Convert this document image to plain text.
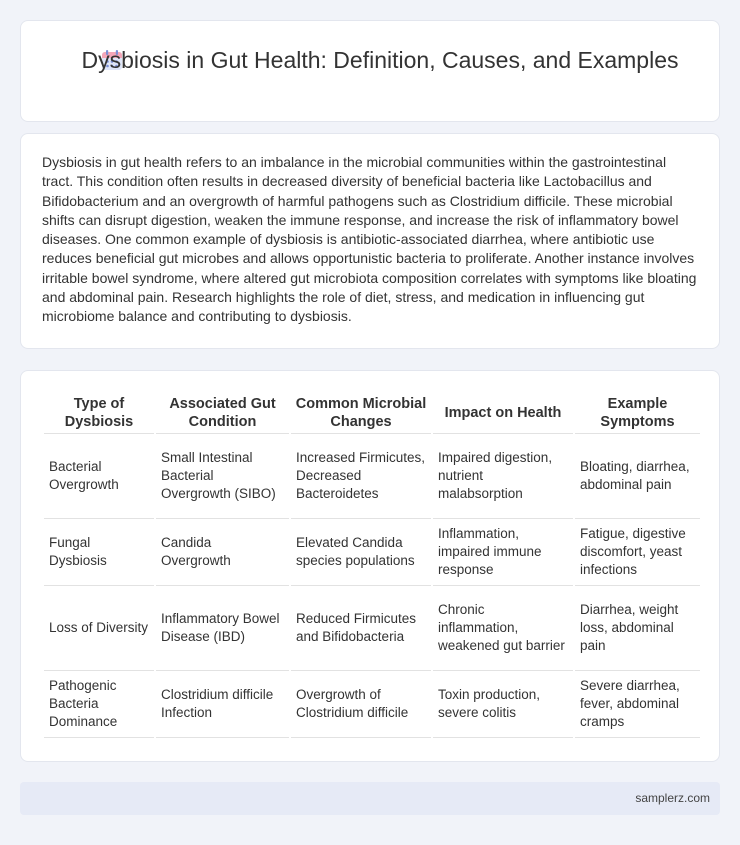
Dysbiosis in Gut Health: Definition, Causes, and Examples

Dysbiosis in gut health refers to an imbalance in the microbial communities within the gastrointestinal tract. This condition often results in decreased diversity of beneficial bacteria like Lactobacillus and Bifidobacterium and an overgrowth of harmful pathogens such as Clostridium difficile. These microbial shifts can disrupt digestion, weaken the immune response, and increase the risk of inflammatory bowel diseases. One common example of dysbiosis is antibiotic-associated diarrhea, where antibiotic use reduces beneficial gut microbes and allows opportunistic bacteria to proliferate. Another instance involves irritable bowel syndrome, where altered gut microbiota composition correlates with symptoms like bloating and abdominal pain. Research highlights the role of diet, stress, and medication in influencing gut microbiome balance and contributing to dysbiosis.

Type of Dysbiosis	Associated Gut Condition	Common Microbial Changes	Impact on Health	Example Symptoms
Bacterial Overgrowth	Small Intestinal Bacterial Overgrowth (SIBO)	Increased Firmicutes, Decreased Bacteroidetes	Impaired digestion, nutrient malabsorption	Bloating, diarrhea, abdominal pain
Fungal Dysbiosis	Candida Overgrowth	Elevated Candida species populations	Inflammation, impaired immune response	Fatigue, digestive discomfort, yeast infections
Loss of Diversity	Inflammatory Bowel Disease (IBD)	Reduced Firmicutes and Bifidobacteria	Chronic inflammation, weakened gut barrier	Diarrhea, weight loss, abdominal pain
Pathogenic Bacteria Dominance	Clostridium difficile Infection	Overgrowth of Clostridium difficile	Toxin production, severe colitis	Severe diarrhea, fever, abdominal cramps
samplerz.com
